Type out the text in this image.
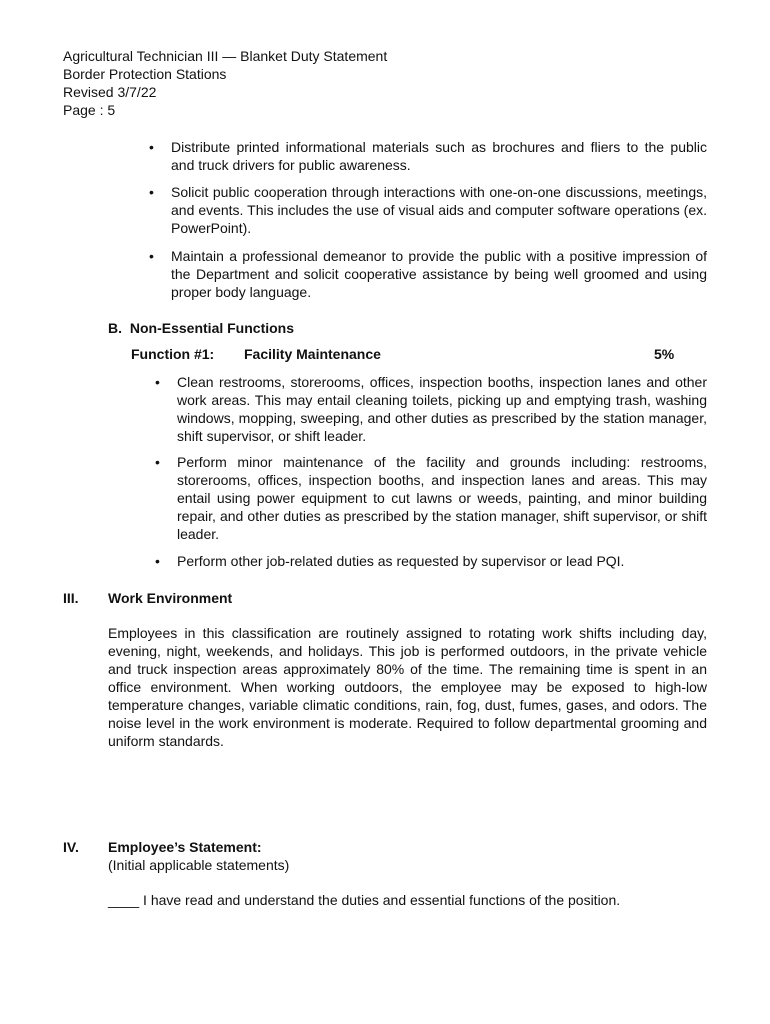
Agricultural Technician III — Blanket Duty Statement
Border Protection Stations
Revised 3/7/22
Page : 5
• Distribute printed informational materials such as brochures and fliers to the public and truck drivers for public awareness.
• Solicit public cooperation through interactions with one-on-one discussions, meetings, and events. This includes the use of visual aids and computer software operations (ex. PowerPoint).
• Maintain a professional demeanor to provide the public with a positive impression of the Department and solicit cooperative assistance by being well groomed and using proper body language.
B. Non-Essential Functions
Function #1: Facility Maintenance	5%
• Clean restrooms, storerooms, offices, inspection booths, inspection lanes and other work areas. This may entail cleaning toilets, picking up and emptying trash, washing windows, mopping, sweeping, and other duties as prescribed by the station manager, shift supervisor, or shift leader.
• Perform minor maintenance of the facility and grounds including: restrooms, storerooms, offices, inspection booths, and inspection lanes and areas. This may entail using power equipment to cut lawns or weeds, painting, and minor building repair, and other duties as prescribed by the station manager, shift supervisor, or shift leader.
• Perform other job-related duties as requested by supervisor or lead PQI.
III. Work Environment
Employees in this classification are routinely assigned to rotating work shifts including day, evening, night, weekends, and holidays. This job is performed outdoors, in the private vehicle and truck inspection areas approximately 80% of the time. The remaining time is spent in an office environment. When working outdoors, the employee may be exposed to high-low temperature changes, variable climatic conditions, rain, fog, dust, fumes, gases, and odors. The noise level in the work environment is moderate. Required to follow departmental grooming and uniform standards.
IV. Employee’s Statement:
(Initial applicable statements)
____ I have read and understand the duties and essential functions of the position.
